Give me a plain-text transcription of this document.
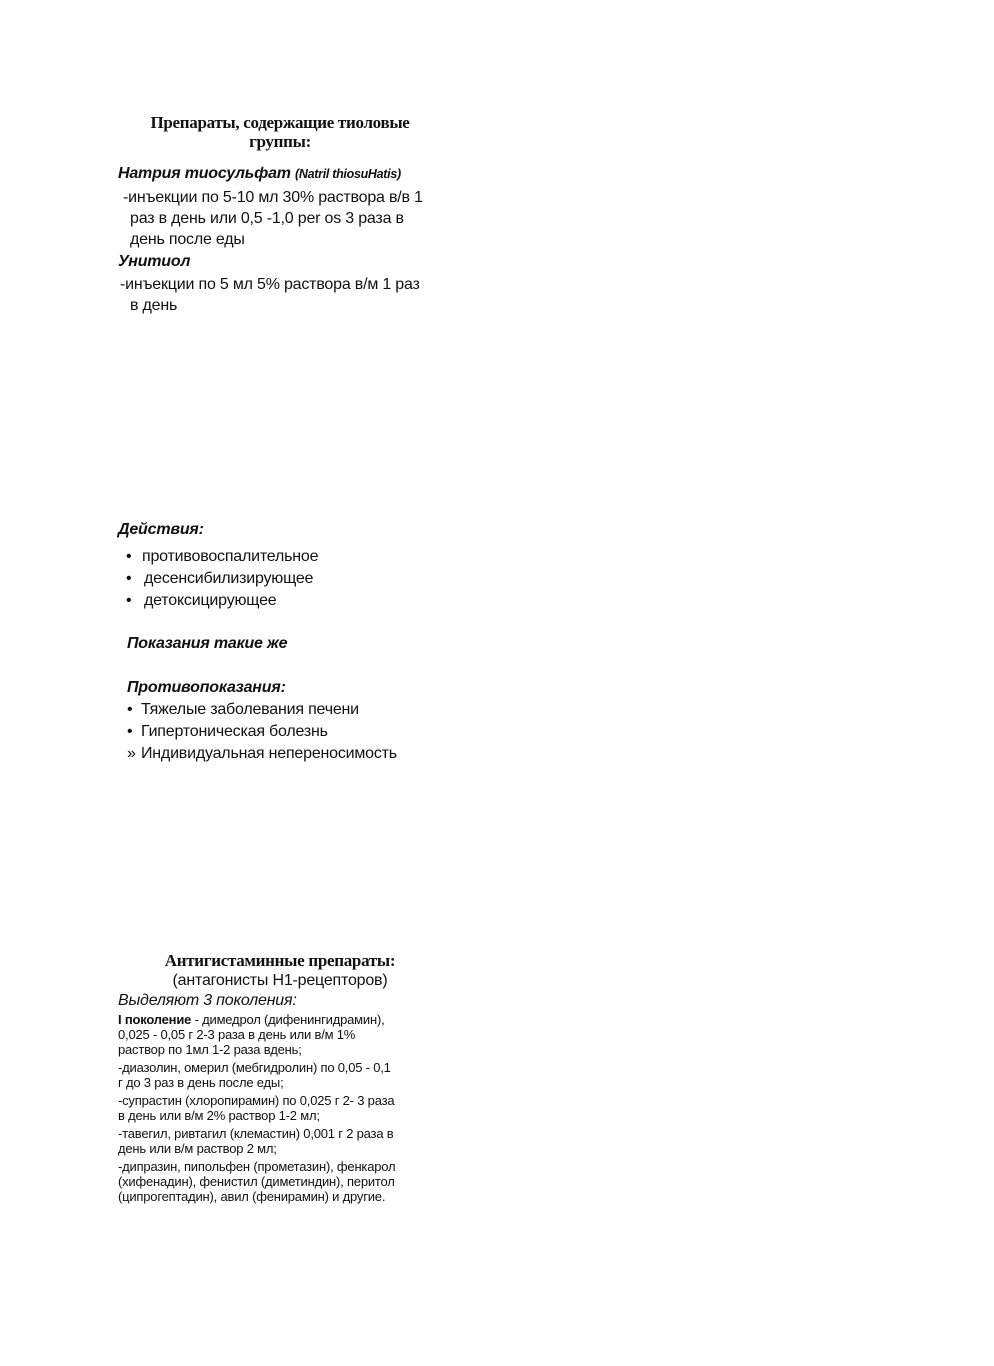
Препараты, содержащие тиоловые
группы:
Натрия тиосульфат (Natril thiosuHatis)
-инъекции по 5-10 мл 30% раствора в/в 1
раз в день или 0,5 -1,0 per os 3 раза в
день после еды
Унитиол
-инъекции по 5 мл 5% раствора в/м 1 раз
в день
Действия:
• противовоспалительное
• десенсибилизирующее
• детоксицирующее
Показания такие же
Противопоказания:
• Тяжелые заболевания печени
• Гипертоническая болезнь
» Индивидуальная непереносимость
Антигистаминные препараты:
(антагонисты Н1-рецепторов)
Выделяют 3 поколения:

I поколение - димедрол (дифенингидрамин),
0,025 - 0,05 г 2-3 раза в день или в/м 1%
раствор по 1мл 1-2 раза вдень;

-диазолин, омерил (мебгидролин) по 0,05 - 0,1
г до 3 раз в день после еды;

-супрастин (хлоропирамин) по 0,025 г 2- 3 раза
в день или в/м 2% раствор 1-2 мл;

-тавегил, ривтагил (клемастин) 0,001 г 2 раза в
день или в/м раствор 2 мл;

-дипразин, пипольфен (прометазин), фенкарол
(хифенадин), фенистил (диметиндин), перитол
(ципрогептадин), авил (фенирамин) и другие.
